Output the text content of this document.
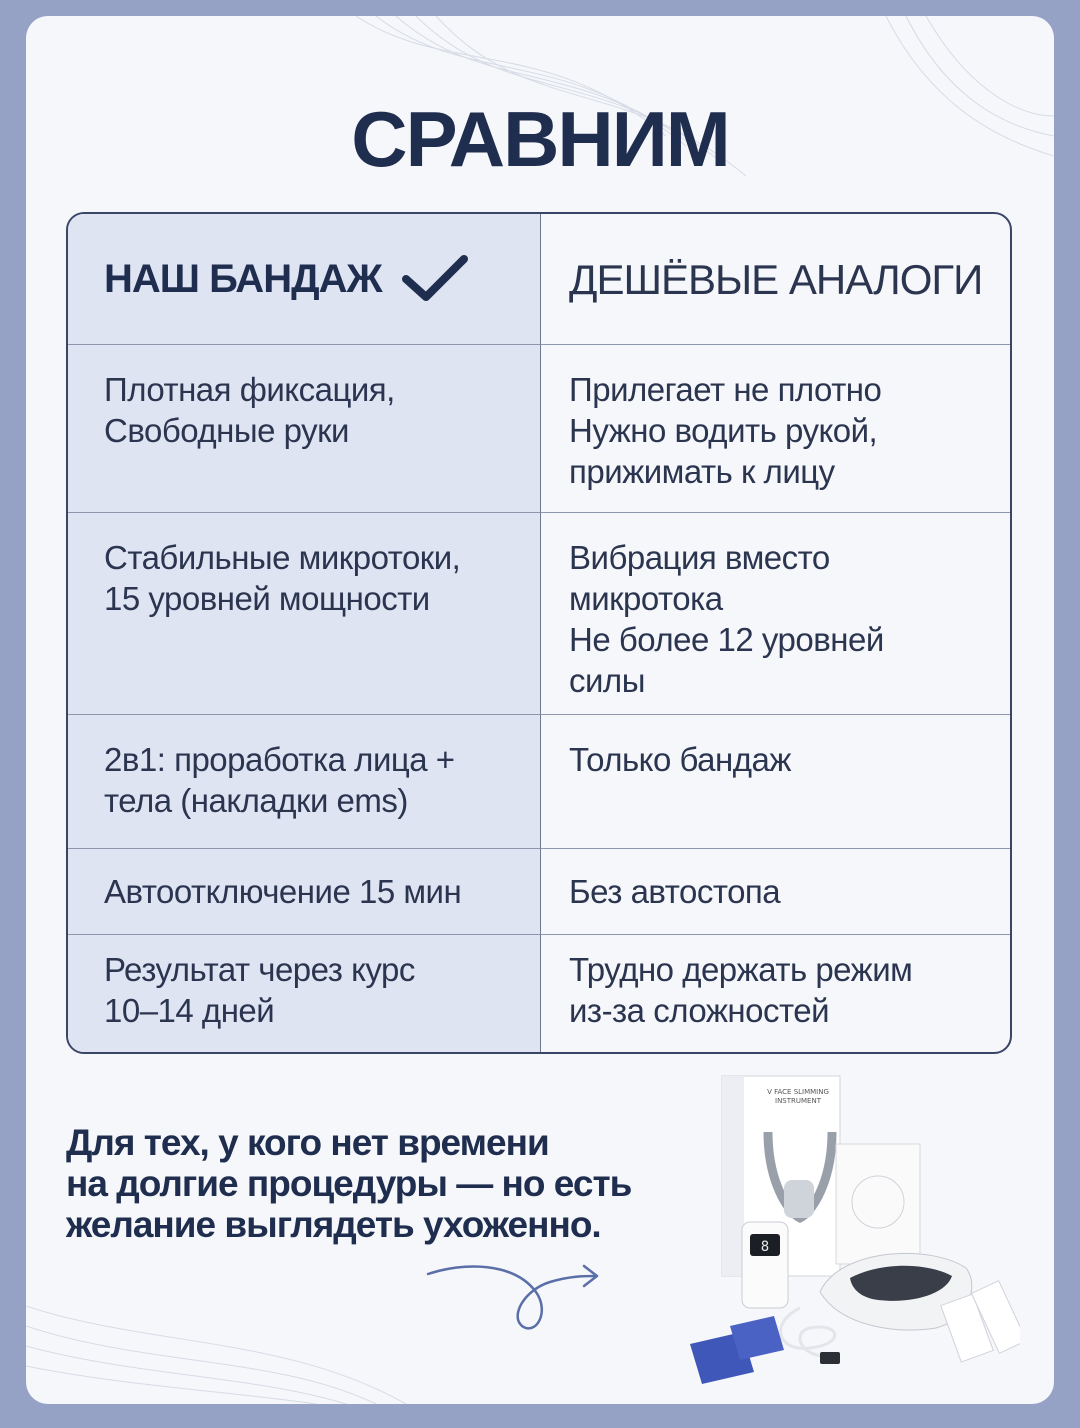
СРАВНИМ
НАШ БАНДАЖ	ДЕШЁВЫЕ АНАЛОГИ
Плотная фиксация,
Свободные руки
Прилегает не плотно
Нужно водить рукой,
прижимать к лицу
Стабильные микротоки,
15 уровней мощности
Вибрация вместо
микротока
Не более 12 уровней
силы
2в1: проработка лица +
тела (накладки ems)
Только бандаж
Автоотключение 15 мин	Без автостопа
Результат через курс
10–14 дней
Трудно держать режим
из-за сложностей
Для тех, у кого нет времени
на долгие процедуры — но есть
желание выглядеть ухоженно.
V FACE SLIMMING
INSTRUMENT
8
